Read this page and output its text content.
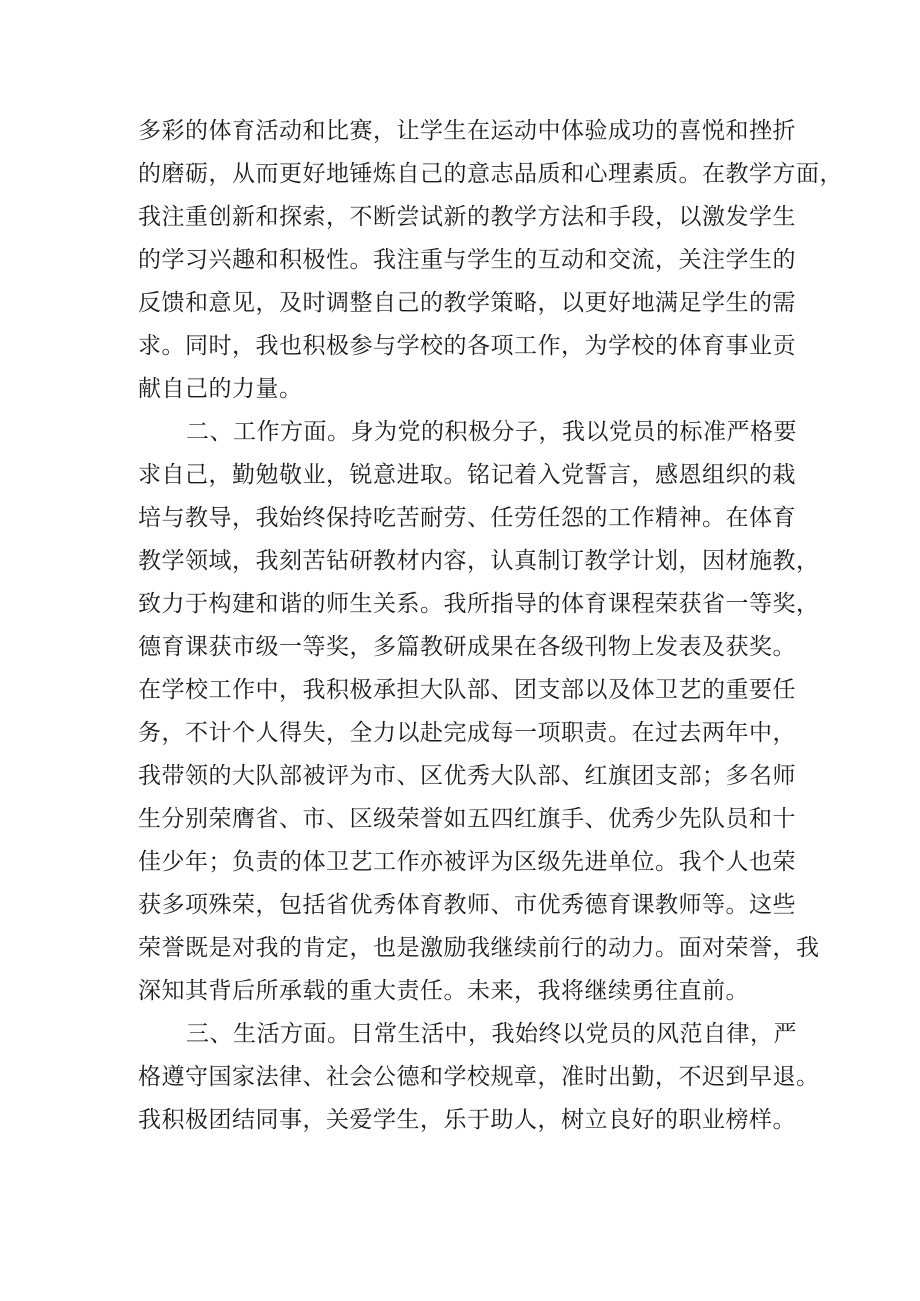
多彩的体育活动和比赛，让学生在运动中体验成功的喜悦和挫折
的磨砺，从而更好地锤炼自己的意志品质和心理素质。在教学方面，
我注重创新和探索，不断尝试新的教学方法和手段，以激发学生
的学习兴趣和积极性。我注重与学生的互动和交流，关注学生的
反馈和意见，及时调整自己的教学策略，以更好地满足学生的需
求。同时，我也积极参与学校的各项工作，为学校的体育事业贡
献自己的力量。
二、工作方面。身为党的积极分子，我以党员的标准严格要
求自己，勤勉敬业，锐意进取。铭记着入党誓言，感恩组织的栽
培与教导，我始终保持吃苦耐劳、任劳任怨的工作精神。在体育
教学领域，我刻苦钻研教材内容，认真制订教学计划，因材施教，
致力于构建和谐的师生关系。我所指导的体育课程荣获省一等奖，
德育课获市级一等奖，多篇教研成果在各级刊物上发表及获奖。
在学校工作中，我积极承担大队部、团支部以及体卫艺的重要任
务，不计个人得失，全力以赴完成每一项职责。在过去两年中，
我带领的大队部被评为市、区优秀大队部、红旗团支部；多名师
生分别荣膺省、市、区级荣誉如五四红旗手、优秀少先队员和十
佳少年；负责的体卫艺工作亦被评为区级先进单位。我个人也荣
获多项殊荣，包括省优秀体育教师、市优秀德育课教师等。这些
荣誉既是对我的肯定，也是激励我继续前行的动力。面对荣誉，我
深知其背后所承载的重大责任。未来，我将继续勇往直前。
三、生活方面。日常生活中，我始终以党员的风范自律，严
格遵守国家法律、社会公德和学校规章，准时出勤，不迟到早退。
我积极团结同事，关爱学生，乐于助人，树立良好的职业榜样。
